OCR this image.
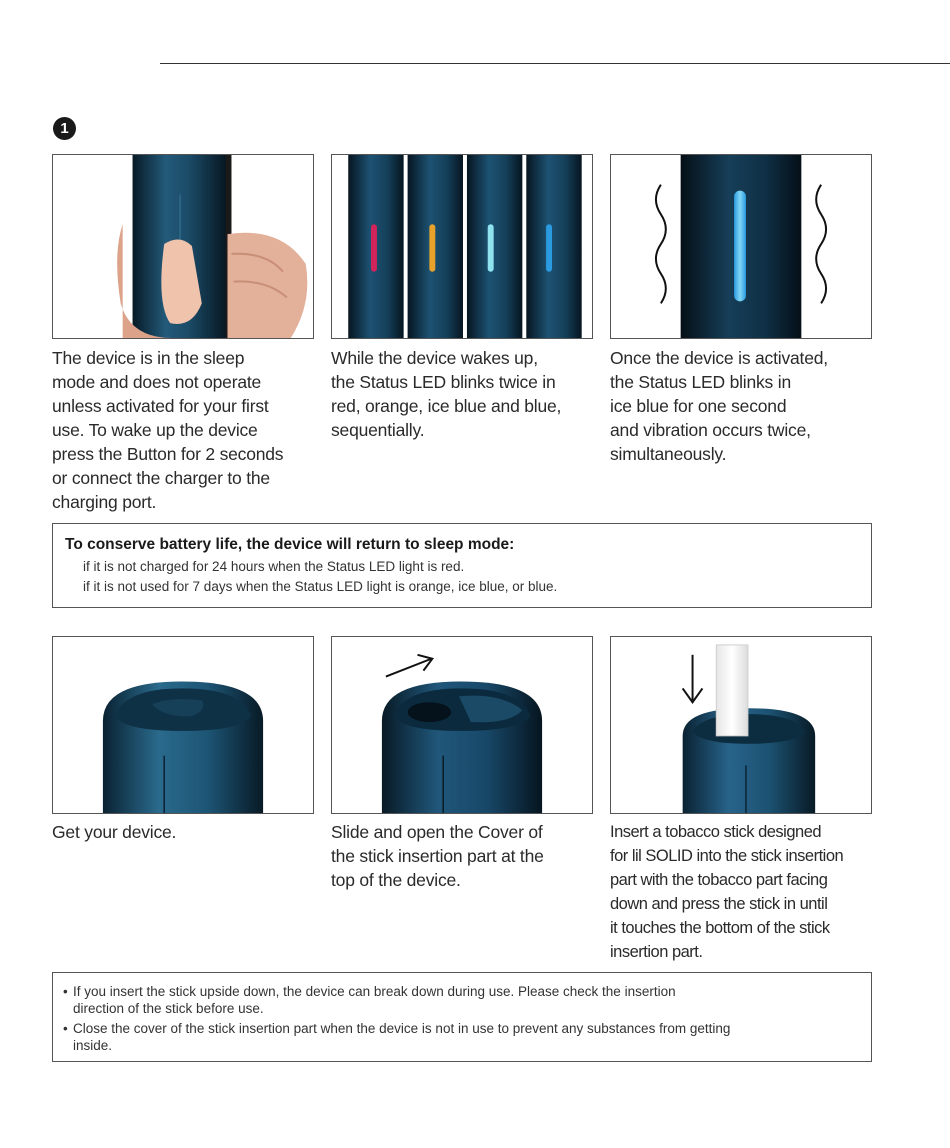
1
The device is in the sleep
mode and does not operate
unless activated for your first
use. To wake up the device
press the Button for 2 seconds
or connect the charger to the
charging port.
While the device wakes up,
the Status LED blinks twice in
red, orange, ice blue and blue,
sequentially.
Once the device is activated,
the Status LED blinks in
ice blue for one second
and vibration occurs twice,
simultaneously.
To conserve battery life, the device will return to sleep mode:
if it is not charged for 24 hours when the Status LED light is red.
if it is not used for 7 days when the Status LED light is orange, ice blue, or blue.
Get your device.	Slide and open the Cover of
the stick insertion part at the
top of the device.
Insert a tobacco stick designed
for lil SOLID into the stick insertion
part with the tobacco part facing
down and press the stick in until
it touches the bottom of the stick
insertion part.
• If you insert the stick upside down, the device can break down during use. Please check the insertion
direction of the stick before use.
• Close the cover of the stick insertion part when the device is not in use to prevent any substances from getting
inside.
